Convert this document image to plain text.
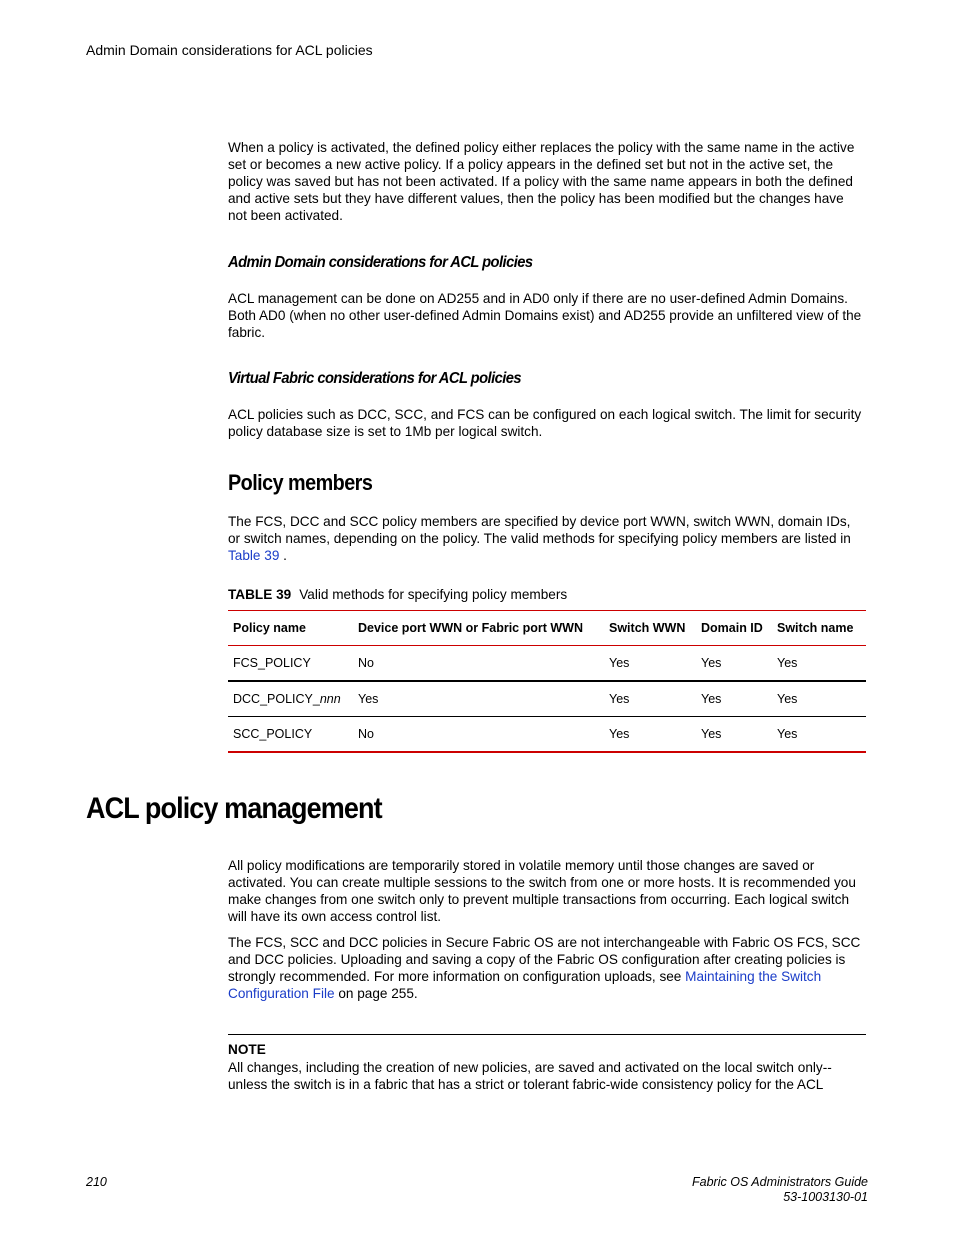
Admin Domain considerations for ACL policies

When a policy is activated, the defined policy either replaces the policy with the same name in the active set or becomes a new active policy. If a policy appears in the defined set but not in the active set, the policy was saved but has not been activated. If a policy with the same name appears in both the defined and active sets but they have different values, then the policy has been modified but the changes have not been activated.

Admin Domain considerations for ACL policies

ACL management can be done on AD255 and in AD0 only if there are no user-defined Admin Domains. Both AD0 (when no other user-defined Admin Domains exist) and AD255 provide an unfiltered view of the fabric.

Virtual Fabric considerations for ACL policies

ACL policies such as DCC, SCC, and FCS can be configured on each logical switch. The limit for security policy database size is set to 1Mb per logical switch.

Policy members

The FCS, DCC and SCC policy members are specified by device port WWN, switch WWN, domain IDs, or switch names, depending on the policy. The valid methods for specifying policy members are listed in Table 39 .

TABLE 39 Valid methods for specifying policy members
Policy name	Device port WWN or Fabric port WWN	Switch WWN	Domain ID	Switch name
FCS_POLICY	No	Yes	Yes	Yes
DCC_POLICY_nnn	Yes	Yes	Yes	Yes
SCC_POLICY	No	Yes	Yes	Yes
ACL policy management

All policy modifications are temporarily stored in volatile memory until those changes are saved or activated. You can create multiple sessions to the switch from one or more hosts. It is recommended you make changes from one switch only to prevent multiple transactions from occurring. Each logical switch will have its own access control list.

The FCS, SCC and DCC policies in Secure Fabric OS are not interchangeable with Fabric OS FCS, SCC and DCC policies. Uploading and saving a copy of the Fabric OS configuration after creating policies is strongly recommended. For more information on configuration uploads, see Maintaining the Switch Configuration File on page 255.

NOTE

All changes, including the creation of new policies, are saved and activated on the local switch only-- unless the switch is in a fabric that has a strict or tolerant fabric-wide consistency policy for the ACL

210	Fabric OS Administrators Guide
53-1003130-01
